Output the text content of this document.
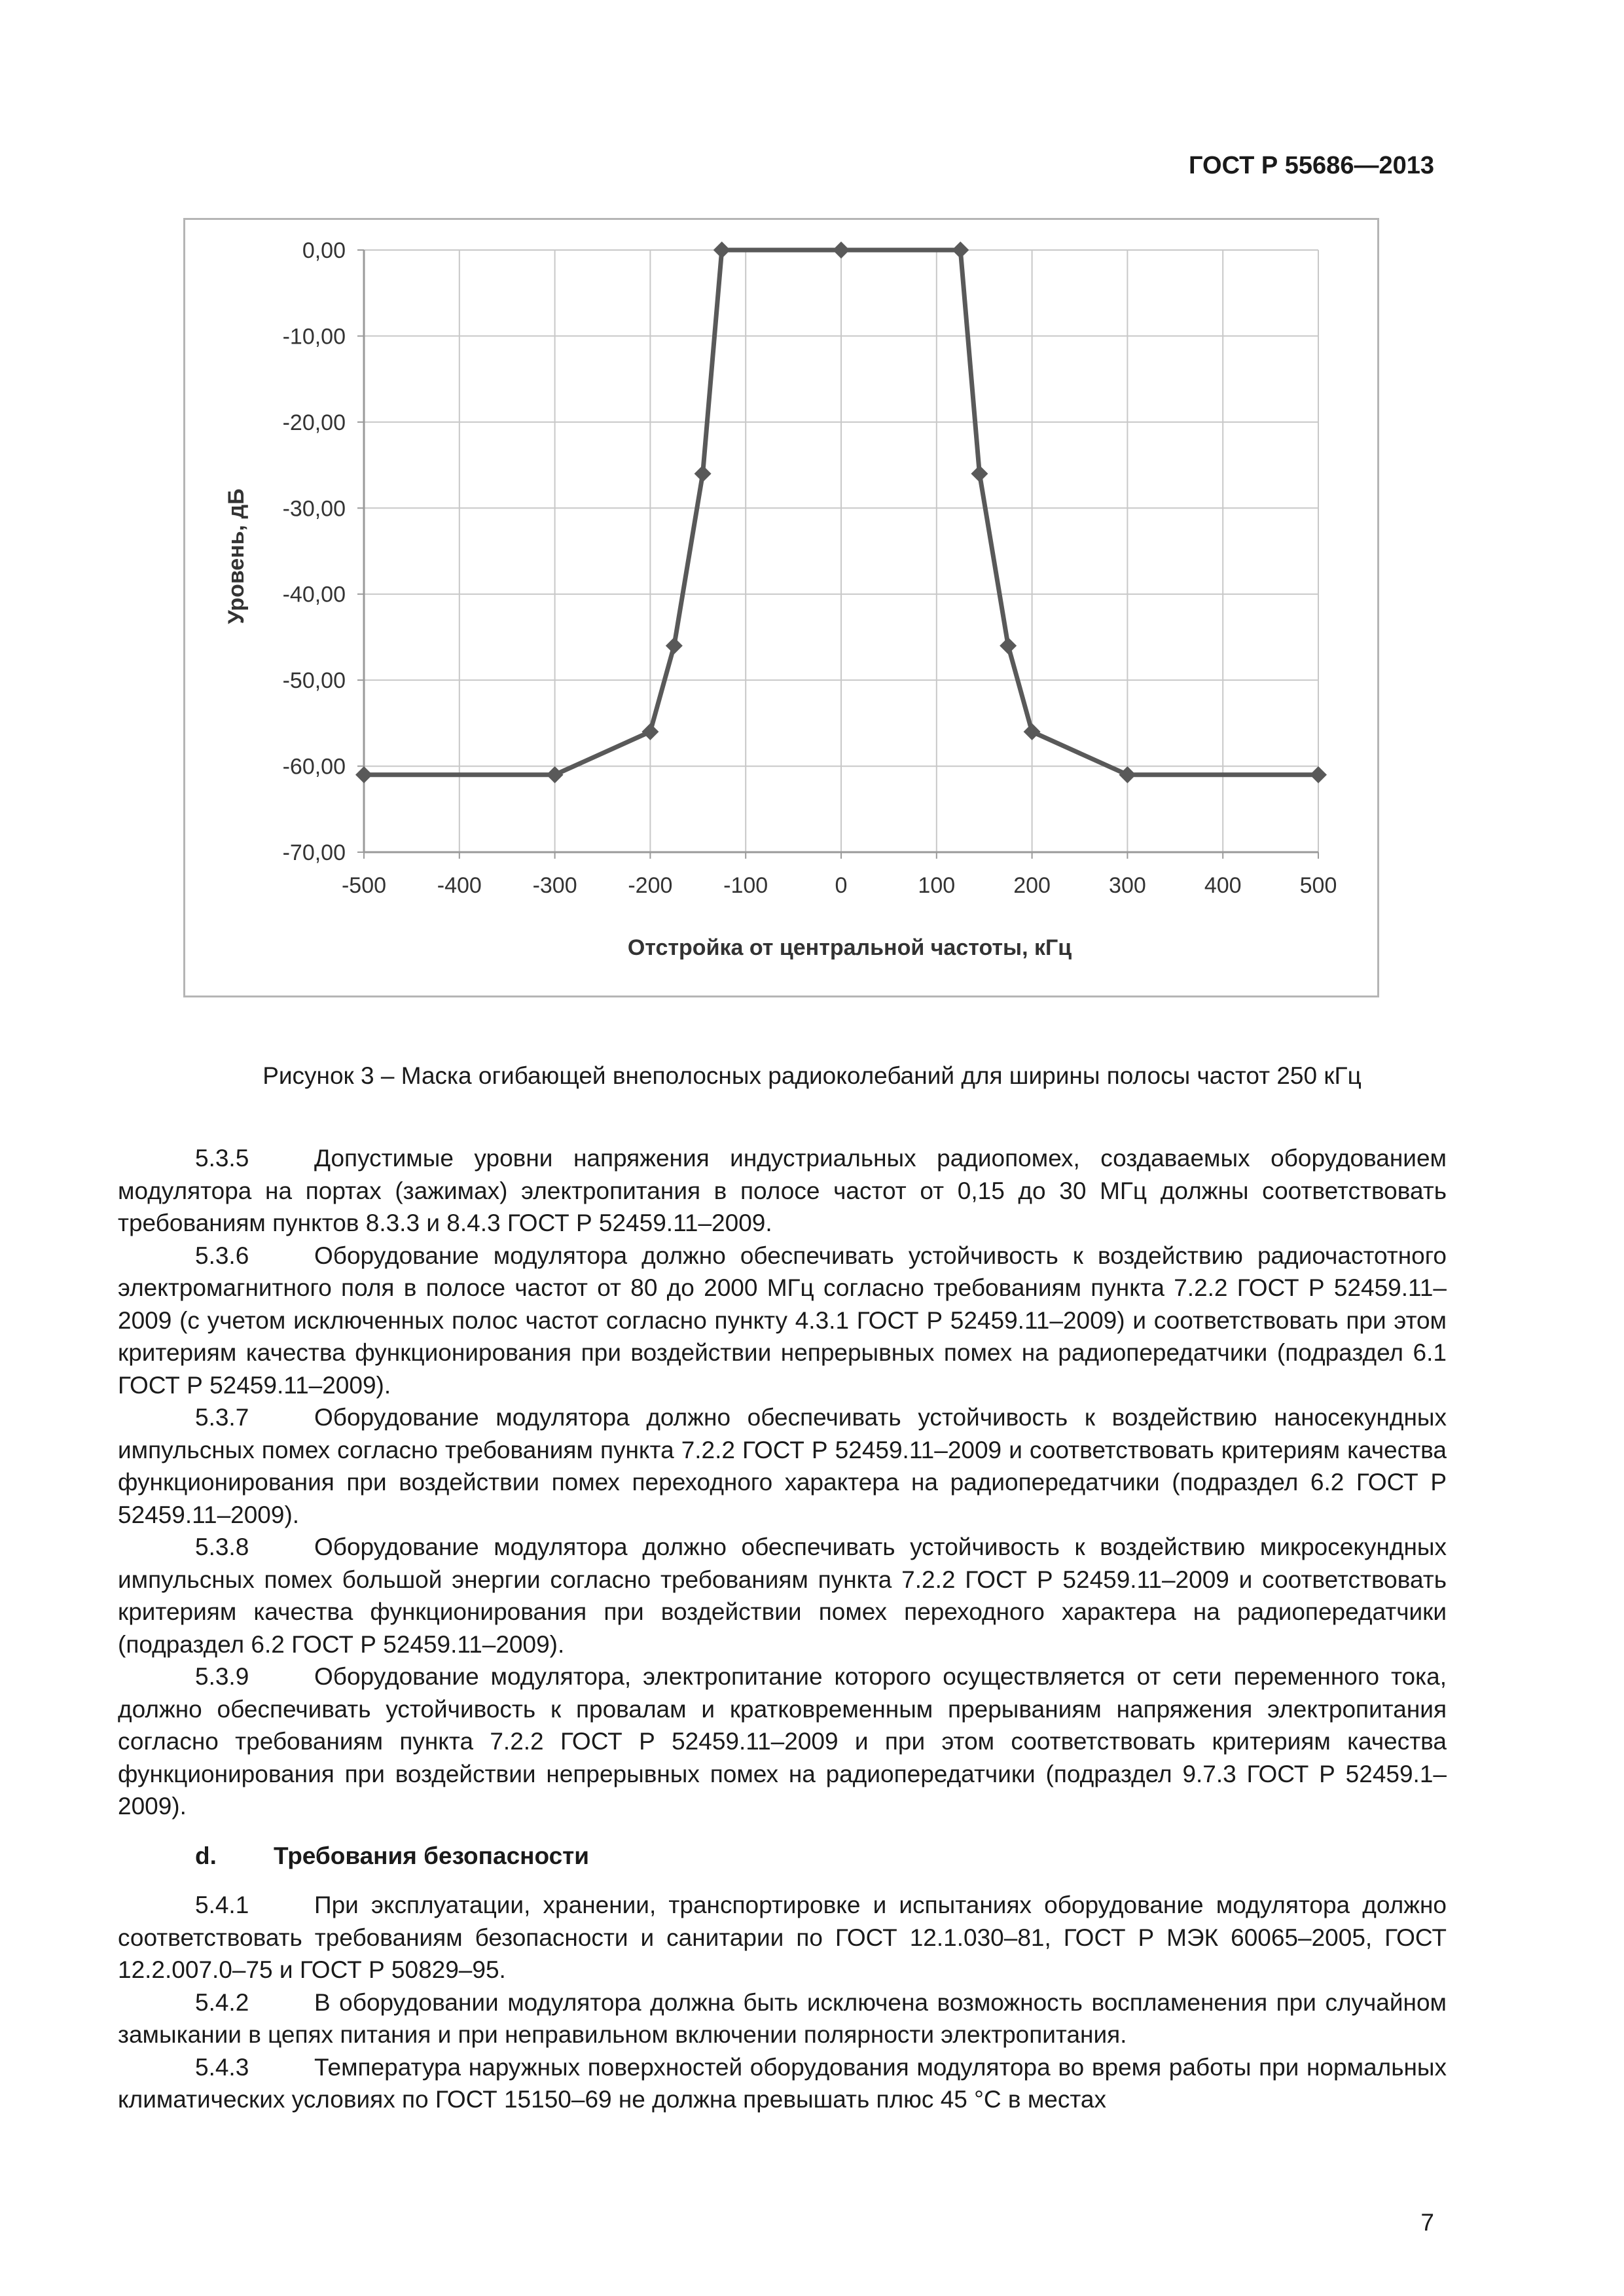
ГОСТ Р 55686—2013

-500 -400 -300 -200 -100	0	100	200	300	400	500
0,00
-10,00
-20,00
-30,00
-40,00
-50,00
-60,00
-70,00
Отстройка от центральной частоты, кГц
Уровень, дБ

Рисунок 3 – Маска огибающей внеполосных радиоколебаний для ширины полосы частот 250 кГц

5.3.5	Допустимые уровни напряжения индустриальных радиопомех, создаваемых оборудованием модулятора на портах (зажимах) электропитания в полосе частот от 0,15 до 30 МГц должны соответствовать требованиям пунктов 8.3.3 и 8.4.3 ГОСТ Р 52459.11–2009.

5.3.6	Оборудование модулятора должно обеспечивать устойчивость к воздействию радиочастотного электромагнитного поля в полосе частот от 80 до 2000 МГц согласно требованиям пункта 7.2.2 ГОСТ Р 52459.11–2009 (с учетом исключенных полос частот согласно пункту 4.3.1 ГОСТ Р 52459.11–2009) и соответствовать при этом критериям качества функционирования при воздействии непрерывных помех на радиопередатчики (подраздел 6.1 ГОСТ Р 52459.11–2009).

5.3.7	Оборудование модулятора должно обеспечивать устойчивость к воздействию наносекундных импульсных помех согласно требованиям пункта 7.2.2 ГОСТ Р 52459.11–2009 и соответствовать критериям качества функционирования при воздействии помех переходного характера на радиопередатчики (подраздел 6.2 ГОСТ Р 52459.11–2009).

5.3.8	Оборудование модулятора должно обеспечивать устойчивость к воздействию микросекундных импульсных помех большой энергии согласно требованиям пункта 7.2.2 ГОСТ Р 52459.11–2009 и соответствовать критериям качества функционирования при воздействии помех переходного характера на радиопередатчики (подраздел 6.2 ГОСТ Р 52459.11–2009).

5.3.9	Оборудование модулятора, электропитание которого осуществляется от сети переменного тока, должно обеспечивать устойчивость к провалам и кратковременным прерываниям напряжения электропитания согласно требованиям пункта 7.2.2 ГОСТ Р 52459.11–2009 и при этом соответствовать критериям качества функционирования при воздействии непрерывных помех на радиопередатчики (подраздел 9.7.3 ГОСТ Р 52459.1–2009).

d. Требования безопасности

5.4.1	При эксплуатации, хранении, транспортировке и испытаниях оборудование модулятора должно соответствовать требованиям безопасности и санитарии по ГОСТ 12.1.030–81, ГОСТ Р МЭК 60065–2005, ГОСТ 12.2.007.0–75 и ГОСТ Р 50829–95.

5.4.2	В оборудовании модулятора должна быть исключена возможность воспламенения при случайном замыкании в цепях питания и при неправильном включении полярности электропитания.

5.4.3	Температура наружных поверхностей оборудования модулятора во время работы при нормальных климатических условиях по ГОСТ 15150–69 не должна превышать плюс 45 °С в местах

7
